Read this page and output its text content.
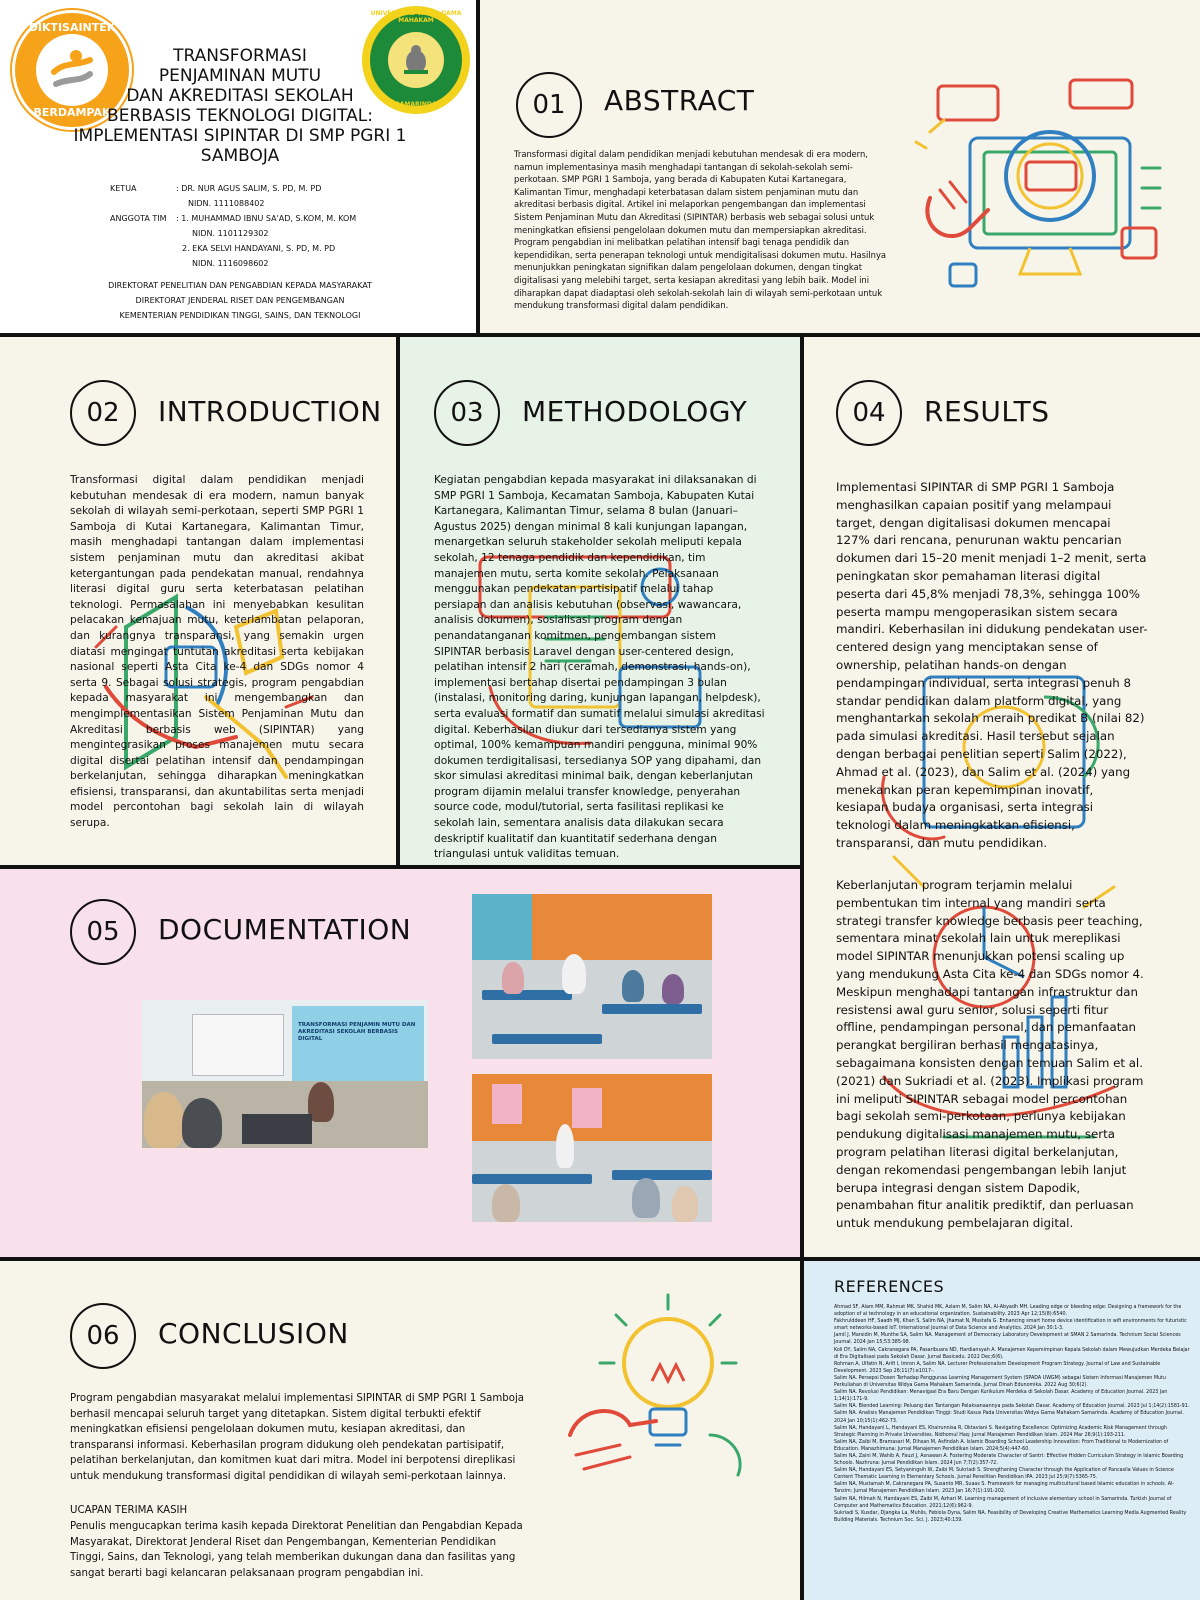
DIKTISAINTEK
BERDAMPAK
UNIVERSITAS WIDYA GAMA MAHAKAM
SAMARINDA
TRANSFORMASI
PENJAMINAN MUTU
DAN AKREDITASI SEKOLAH
BERBASIS TEKNOLOGI DIGITAL:
IMPLEMENTASI SIPINTAR DI SMP PGRI 1
SAMBOJA
KETUA	: DR. NUR AGUS SALIM, S. PD, M. PD
NIDN. 1111088402
ANGGOTA TIM	: 1. MUHAMMAD IBNU SA'AD, S.KOM, M. KOM
NIDN. 1101129302
2. EKA SELVI HANDAYANI, S. PD, M. PD
NIDN. 1116098602
DIREKTORAT PENELITIAN DAN PENGABDIAN KEPADA MASYARAKAT
DIREKTORAT JENDERAL RISET DAN PENGEMBANGAN
KEMENTERIAN PENDIDIKAN TINGGI, SAINS, DAN TEKNOLOGI
01	ABSTRACT
Transformasi digital dalam pendidikan menjadi kebutuhan mendesak di era modern, namun implementasinya masih menghadapi tantangan di sekolah-sekolah semi-perkotaan. SMP PGRI 1 Samboja, yang berada di Kabupaten Kutai Kartanegara, Kalimantan Timur, menghadapi keterbatasan dalam sistem penjaminan mutu dan akreditasi berbasis digital. Artikel ini melaporkan pengembangan dan implementasi Sistem Penjaminan Mutu dan Akreditasi (SIPINTAR) berbasis web sebagai solusi untuk meningkatkan efisiensi pengelolaan dokumen mutu dan mempersiapkan akreditasi. Program pengabdian ini melibatkan pelatihan intensif bagi tenaga pendidik dan kependidikan, serta penerapan teknologi untuk mendigitalisasi dokumen mutu. Hasilnya menunjukkan peningkatan signifikan dalam pengelolaan dokumen, dengan tingkat digitalisasi yang melebihi target, serta kesiapan akreditasi yang lebih baik. Model ini diharapkan dapat diadaptasi oleh sekolah-sekolah lain di wilayah semi-perkotaan untuk mendukung transformasi digital dalam pendidikan.
02	INTRODUCTION
Transformasi digital dalam pendidikan menjadi kebutuhan mendesak di era modern, namun banyak sekolah di wilayah semi-perkotaan, seperti SMP PGRI 1 Samboja di Kutai Kartanegara, Kalimantan Timur, masih menghadapi tantangan dalam implementasi sistem penjaminan mutu dan akreditasi akibat ketergantungan pada pendekatan manual, rendahnya literasi digital guru serta keterbatasan pelatihan teknologi. Permasalahan ini menyebabkan kesulitan pelacakan kemajuan mutu, keterlambatan pelaporan, dan kurangnya transparansi, yang semakin urgen diatasi mengingat tuntutan akreditasi serta kebijakan nasional seperti Asta Cita ke-4 dan SDGs nomor 4 serta 9. Sebagai solusi strategis, program pengabdian kepada masyarakat ini mengembangkan dan mengimplementasikan Sistem Penjaminan Mutu dan Akreditasi berbasis web (SIPINTAR) yang mengintegrasikan proses manajemen mutu secara digital disertai pelatihan intensif dan pendampingan berkelanjutan, sehingga diharapkan meningkatkan efisiensi, transparansi, dan akuntabilitas serta menjadi model percontohan bagi sekolah lain di wilayah serupa.
03	METHODOLOGY
Kegiatan pengabdian kepada masyarakat ini dilaksanakan di SMP PGRI 1 Samboja, Kecamatan Samboja, Kabupaten Kutai Kartanegara, Kalimantan Timur, selama 8 bulan (Januari–Agustus 2025) dengan minimal 8 kali kunjungan lapangan, menargetkan seluruh stakeholder sekolah meliputi kepala sekolah, 12 tenaga pendidik dan kependidikan, tim manajemen mutu, serta komite sekolah. Pelaksanaan menggunakan pendekatan partisipatif melalui tahap persiapan dan analisis kebutuhan (observasi, wawancara, analisis dokumen), sosialisasi program dengan penandatanganan komitmen, pengembangan sistem SIPINTAR berbasis Laravel dengan user-centered design, pelatihan intensif 2 hari (ceramah, demonstrasi, hands-on), implementasi bertahap disertai pendampingan 3 bulan (instalasi, monitoring daring, kunjungan lapangan, helpdesk), serta evaluasi formatif dan sumatif melalui simulasi akreditasi digital. Keberhasilan diukur dari tersedianya sistem yang optimal, 100% kemampuan mandiri pengguna, minimal 90% dokumen terdigitalisasi, tersedianya SOP yang dipahami, dan skor simulasi akreditasi minimal baik, dengan keberlanjutan program dijamin melalui transfer knowledge, penyerahan source code, modul/tutorial, serta fasilitasi replikasi ke sekolah lain, sementara analisis data dilakukan secara deskriptif kualitatif dan kuantitatif sederhana dengan triangulasi untuk validitas temuan.
04	RESULTS
Implementasi SIPINTAR di SMP PGRI 1 Samboja menghasilkan capaian positif yang melampaui target, dengan digitalisasi dokumen mencapai 127% dari rencana, penurunan waktu pencarian dokumen dari 15–20 menit menjadi 1–2 menit, serta peningkatan skor pemahaman literasi digital peserta dari 45,8% menjadi 78,3%, sehingga 100% peserta mampu mengoperasikan sistem secara mandiri. Keberhasilan ini didukung pendekatan user-centered design yang menciptakan sense of ownership, pelatihan hands-on dengan pendampingan individual, serta integrasi penuh 8 standar pendidikan dalam platform digital, yang menghantarkan sekolah meraih predikat B (nilai 82) pada simulasi akreditasi. Hasil tersebut sejalan dengan berbagai penelitian seperti Salim (2022), Ahmad et al. (2023), dan Salim et al. (2024) yang menekankan peran kepemimpinan inovatif, kesiapan budaya organisasi, serta integrasi teknologi dalam meningkatkan efisiensi, transparansi, dan mutu pendidikan.
Keberlanjutan program terjamin melalui pembentukan tim internal yang mandiri serta strategi transfer knowledge berbasis peer teaching, sementara minat sekolah lain untuk mereplikasi model SIPINTAR menunjukkan potensi scaling up yang mendukung Asta Cita ke-4 dan SDGs nomor 4. Meskipun menghadapi tantangan infrastruktur dan resistensi awal guru senior, solusi seperti fitur offline, pendampingan personal, dan pemanfaatan perangkat bergiliran berhasil mengatasinya, sebagaimana konsisten dengan temuan Salim et al. (2021) dan Sukriadi et al. (2023). Implikasi program ini meliputi SIPINTAR sebagai model percontohan bagi sekolah semi-perkotaan, perlunya kebijakan pendukung digitalisasi manajemen mutu, serta program pelatihan literasi digital berkelanjutan, dengan rekomendasi pengembangan lebih lanjut berupa integrasi dengan sistem Dapodik, penambahan fitur analitik prediktif, dan perluasan untuk mendukung pembelajaran digital.
05	DOCUMENTATION
TRANSFORMASI PENJAMIN MUTU DAN AKREDITASI SEKOLAH BERBASIS DIGITAL
06	CONCLUSION
Program pengabdian masyarakat melalui implementasi SIPINTAR di SMP PGRI 1 Samboja berhasil mencapai seluruh target yang ditetapkan. Sistem digital terbukti efektif meningkatkan efisiensi pengelolaan dokumen mutu, kesiapan akreditasi, dan transparansi informasi. Keberhasilan program didukung oleh pendekatan partisipatif, pelatihan berkelanjutan, dan komitmen kuat dari mitra. Model ini berpotensi direplikasi untuk mendukung transformasi digital pendidikan di wilayah semi-perkotaan lainnya.
UCAPAN TERIMA KASIH
Penulis mengucapkan terima kasih kepada Direktorat Penelitian dan Pengabdian Kepada Masyarakat, Direktorat Jenderal Riset dan Pengembangan, Kementerian Pendidikan Tinggi, Sains, dan Teknologi, yang telah memberikan dukungan dana dan fasilitas yang sangat berarti bagi kelancaran pelaksanaan program pengabdian ini.
REFERENCES

Ahmad SF, Alam MM, Rahmat MK, Shahid MK, Aslam M, Salim NA, Al-Abyadh MH. Leading edge or bleeding edge: Designing a framework for the adoption of ai technology in an educational organization. Sustainability. 2023 Apr 12;15(8):6540.

Fakhrulddeen HF, Saadh MJ, Khan S, Salim NA, Jhamat N, Mustafa G. Enhancing smart home device identification in wifi environments for futuristic smart networks-based IoT. International Journal of Data Science and Analytics. 2024 Jan 30:1-3.

Jamil J, Marsidin M, Munthe SA, Salim NA. Management of Democracy Laboratory Development at SMAN 2 Samarinda. Technium Social Sciences Journal. 2024 Jan 15;53:385-98.

Koli DY, Salim NA, Cakranegara PA, Pasaribuara ND, Hardiansyah A. Manajemen Kepemimpinan Kepala Sekolah dalam Mewujudkan Merdeka Belajar di Era Digitalisasi pada Sekolah Dasar. Jurnal Basicedu. 2022 Dec;6(6).

Rohman A, Ulfatin N, Arifi I, Imron A, Salim NA. Lecturer Professionalism Development Program Strategy. Journal of Law and Sustainable Development. 2023 Sep 26;11(7):e1017-.

Salim NA. Persepsi Dosen Terhadap Penggunaa Learning Management System (SPADA UWGM) sebagai Sistem Informasi Manajemen Mutu Perkuliahan di Universitas Widya Gama Mahakam Samarinda. Jurnal Dinah Edunomika. 2022 Aug 30;6(2).

Salim NA. Revolusi Pendidikan: Menavigasi Era Baru Dengan Kurikulum Merdeka di Sekolah Dasar. Academy of Education Journal. 2023 Jan 1;14(1):171-9.

Salim NA. Blended Learning: Peluang dan Tantangan Pelaksanaannya pada Sekolah Dasar. Academy of Education Journal. 2023 Jul 1;14(2):1581-91.

Salim NA. Analisis Manajemen Pendidikan Tinggi: Studi Kasus Pada Universitas Widya Gama Mahakam Samarinda. Academy of Education Journal. 2024 Jan 10;15(1):462-73.

Salim NA, Handayani L, Handayani ES, Khairunnisa R, Oktaviani S. Navigating Excellence: Optimizing Academic Risk Management through Strategic Planning in Private Universities. Nidhomul Haq: Jurnal Manajemen Pendidikan Islam. 2024 Mar 26;9(1):193-211.

Salim NA, Zaibi M, Bramasari M, Dihsan M, Asfindah A. Islamic Boarding School Leadership Innovation: From Traditional to Modernization of Education. Manazhimuna: Jurnal Manajemen Pendidikan Islam. 2024;5(4):447-60.

Salim NA, Zaini M, Wahib A, Fauzi J, Asnawan A. Fostering Moderate Character of Santri: Effective Hidden Curriculum Strategy in Islamic Boarding Schools. Nazhruna: Jurnal Pendidikan Islam. 2024 Jun 7;7(2):357-72.

Salim NA, Handayani ES, Setyaningsih W, Zaibi M, Sukriadi S. Strengthening Character through the Application of Pancasila Values in Science Content Thematic Learning in Elementary Schools. Jurnal Penelitian Pendidikan IPA. 2023 Jul 25;9(7):5365-75.

Salim NA, Mustamah M, Cakranegara PA, Susanto MR, Suaas S. Framework for managing multicultural based Islamic education in schools. Al-Tanzim: Jurnal Manajemen Pendidikan Islam. 2023 Jan 16;7(1):191-202.

Salim NA, Hilmah N, Handayani ES, Zaibi M, Azhari M. Learning management of inclusive elementary school in Samarinda. Turkish Journal of Computer and Mathematics Education. 2021;12(6):962-9.

Sukriadi S, Kusdar, Djangka La, Muhlis, Febiola Dyna, Salim NA. Feasibility of Developing Creative Mathematics Learning Media Augmented Reality Building Materials. Technium Soc. Sci. J. 2023;40:139.
